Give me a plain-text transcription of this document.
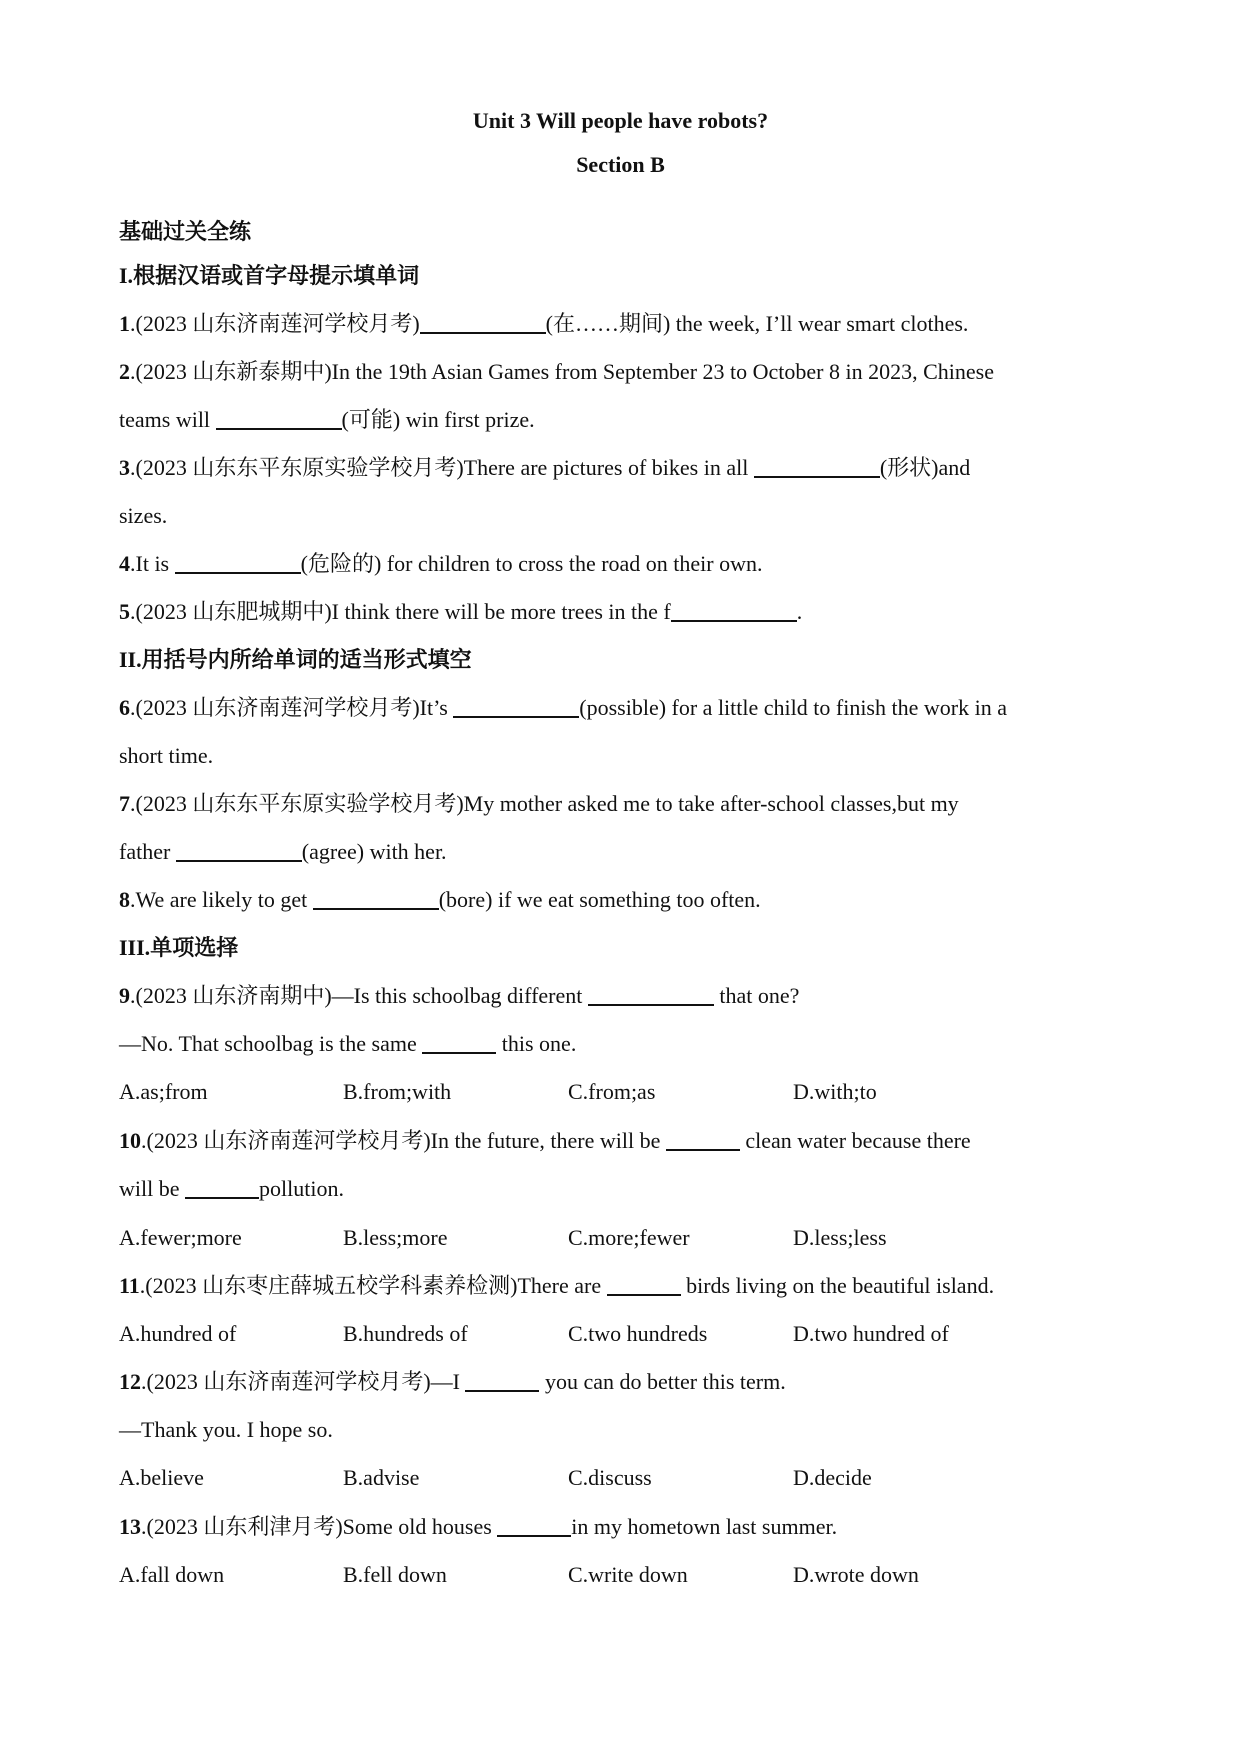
Unit 3 Will people have robots?
Section B
基础过关全练
I.根据汉语或首字母提示填单词
1.(2023 山东济南莲河学校月考)	(在……期间) the week, I’ll wear smart clothes.
2.(2023 山东新泰期中)In the 19th Asian Games from September 23 to October 8 in 2023, Chinese
teams will	(可能) win first prize.
3.(2023 山东东平东原实验学校月考)There are pictures of bikes in all	(形状)and
sizes.
4.It is	(危险的) for children to cross the road on their own.
5.(2023 山东肥城期中)I think there will be more trees in the f	.
II.用括号内所给单词的适当形式填空
6.(2023 山东济南莲河学校月考)It’s	(possible) for a little child to finish the work in a
short time.
7.(2023 山东东平东原实验学校月考)My mother asked me to take after-school classes,but my
father	(agree) with her.
8.We are likely to get	(bore) if we eat something too often.
III.单项选择
9.(2023 山东济南期中)—Is this schoolbag different	that one?
—No. That schoolbag is the same	this one.
A.as;from	B.from;with	C.from;as	D.with;to
10.(2023 山东济南莲河学校月考)In the future, there will be	clean water because there
will be	pollution.
A.fewer;more	B.less;more	C.more;fewer	D.less;less
11.(2023 山东枣庄薛城五校学科素养检测)There are	birds living on the beautiful island.
A.hundred of	B.hundreds of	C.two hundreds	D.two hundred of
12.(2023 山东济南莲河学校月考)—I	you can do better this term.
—Thank you. I hope so.
A.believe	B.advise	C.discuss	D.decide
13.(2023 山东利津月考)Some old houses	in my hometown last summer.
A.fall down	B.fell down	C.write down	D.wrote down
